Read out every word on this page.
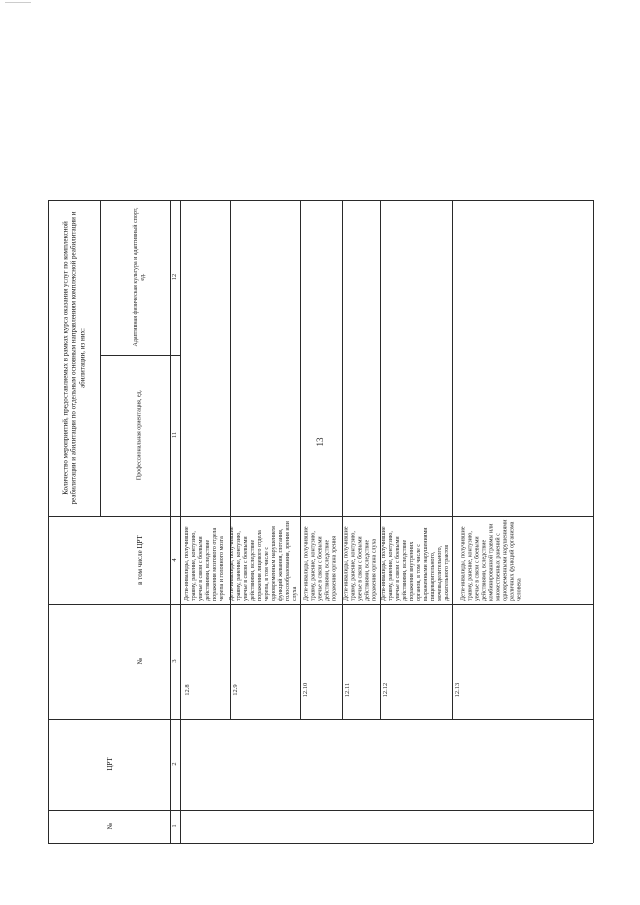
13
Количество мероприятий, предоставляемых в рамках курса оказания услуг по комплексной реабилитации и абилитации по отдельным основным направлениям комплексной реабилитации и абилитации, из них:
Адаптивная физическая культура и адаптивный спорт, ед.
Профессиональная ориентация, ед.
в том числе ЦРТ
№
ЦРТ
№
12
11
4
3
2
1
12.8
Дети-инвалиды, получившие травму, ранение, контузию, увечье в связи с боевыми действиями, вследствие поражения мозгового отдела черепа и головного мозга
12.9
Дети-инвалиды, получившие травму, ранение, контузию, увечье в связи с боевыми действиями, вследствие поражения лицевого отдела черепа, в том числе с одновременным нарушением функций жевания, глотания, голосообразования, зрения или слуха
12.10
Дети-инвалиды, получившие травму, ранение, контузию, увечье в связи с боевыми действиями, вследствие поражения органа зрения
12.11
Дети-инвалиды, получившие травму, ранение, контузию, увечье в связи с боевыми действиями, вследствие поражения органа слуха
12.12
Дети-инвалиды, получившие травму, ранение, контузию, увечье в связи с боевыми действиями, вследствие поражения внутренних органов, в том числе с выраженными нарушениями пищеварительного, мочевыделительного, дыхательного трактов
12.13
Дети-инвалиды, получившие травму, ранение, контузию, увечье в связи с боевыми действиями, вследствие комбинированной травмы или множественных ранений с одновременными нарушениями различных функций организма человека
